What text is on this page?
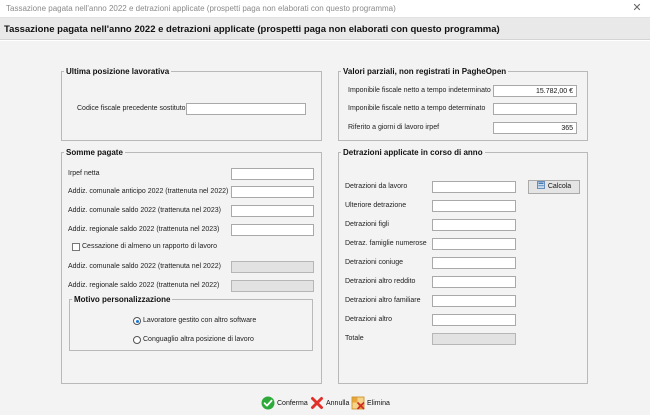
Tassazione pagata nell'anno 2022 e detrazioni applicate (prospetti paga non elaborati con questo programma)	✕
Tassazione pagata nell'anno 2022 e detrazioni applicate (prospetti paga non elaborati con questo programma)
Ultima posizione lavorativa
Codice fiscale precedente sostituto
Valori parziali, non registrati in PagheOpen
Imponibile fiscale netto a tempo indeterminato	15.782,00 €
Imponibile fiscale netto a tempo determinato
Riferito a giorni di lavoro irpef	365
Somme pagate
Irpef netta
Addiz. comunale anticipo 2022 (trattenuta nel 2022)
Addiz. comunale saldo 2022 (trattenuta nel 2023)
Addiz. regionale saldo 2022 (trattenuta nel 2023)
Cessazione di almeno un rapporto di lavoro
Addiz. comunale saldo 2022 (trattenuta nel 2022)
Addiz. regionale saldo 2022 (trattenuta nel 2022)
Motivo personalizzazione
Lavoratore gestito con altro software
Conguaglio altra posizione di lavoro
Detrazioni applicate in corso di anno
Detrazioni da lavoro	Calcola
Ulteriore detrazione
Detrazioni figli
Detraz. famiglie numerose
Detrazioni coniuge
Detrazioni altro reddito
Detrazioni altro familiare
Detrazioni altro
Totale
Conferma	Annulla	Elimina
